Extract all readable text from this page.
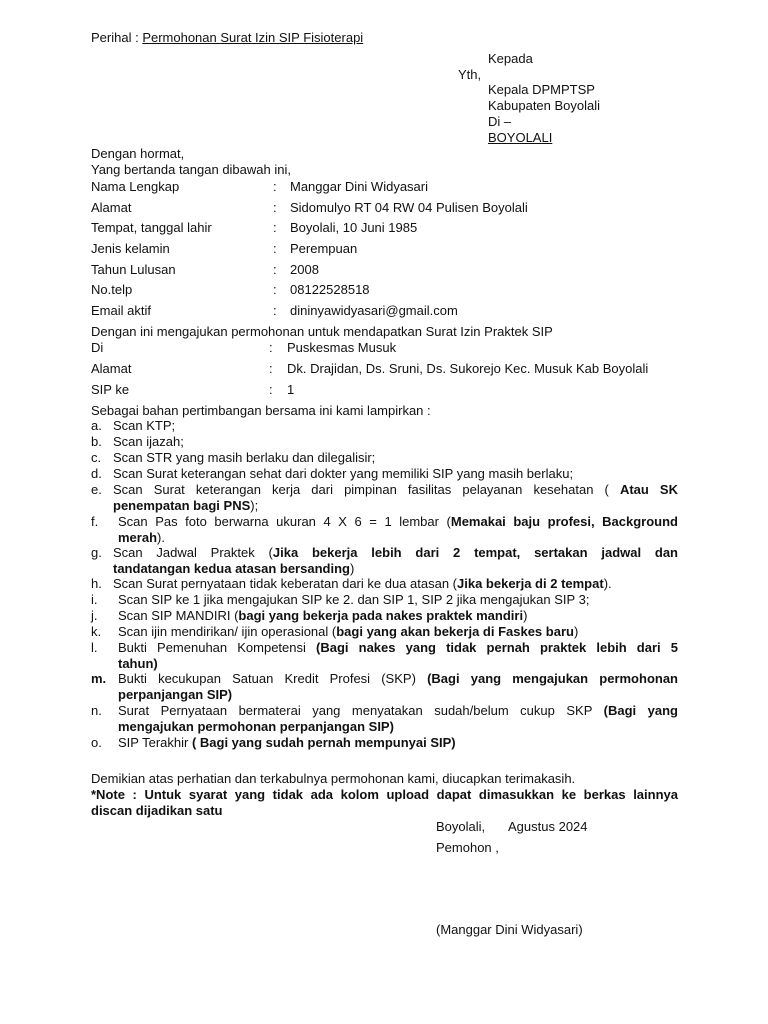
Perihal : Permohonan Surat Izin SIP Fisioterapi
Kepada
Yth,
Kepala DPMPTSP
Kabupaten Boyolali
Di –
BOYOLALI
Dengan hormat,
Yang bertanda tangan dibawah ini,
Nama Lengkap	: Manggar Dini Widyasari
Alamat	: Sidomulyo RT 04 RW 04 Pulisen Boyolali
Tempat, tanggal lahir	: Boyolali, 10 Juni 1985
Jenis kelamin	: Perempuan
Tahun Lulusan	: 2008
No.telp	: 08122528518
Email aktif	: dininyawidyasari@gmail.com
Dengan ini mengajukan permohonan untuk mendapatkan Surat Izin Praktek SIP
Di	: Puskesmas Musuk
Alamat	: Dk. Drajidan, Ds. Sruni, Ds. Sukorejo Kec. Musuk Kab Boyolali
SIP ke	: 1
Sebagai bahan pertimbangan bersama ini kami lampirkan :
a. Scan KTP;
b. Scan ijazah;
c. Scan STR yang masih berlaku dan dilegalisir;
d. Scan Surat keterangan sehat dari dokter yang memiliki SIP yang masih berlaku;
e. Scan Surat keterangan kerja dari pimpinan fasilitas pelayanan kesehatan ( Atau SK
penempatan bagi PNS);
f. Scan Pas foto berwarna ukuran 4 X 6 = 1 lembar (Memakai baju profesi, Background
merah).
g. Scan Jadwal Praktek (Jika bekerja lebih dari 2 tempat, sertakan jadwal dan
tandatangan kedua atasan bersanding)
h. Scan Surat pernyataan tidak keberatan dari ke dua atasan (Jika bekerja di 2 tempat).
i. Scan SIP ke 1 jika mengajukan SIP ke 2. dan SIP 1, SIP 2 jika mengajukan SIP 3;
j. Scan SIP MANDIRI (bagi yang bekerja pada nakes praktek mandiri)
k. Scan ijin mendirikan/ ijin operasional (bagi yang akan bekerja di Faskes baru)
l. Bukti Pemenuhan Kompetensi (Bagi nakes yang tidak pernah praktek lebih dari 5
tahun)
m. Bukti kecukupan Satuan Kredit Profesi (SKP) (Bagi yang mengajukan permohonan
perpanjangan SIP)
n. Surat Pernyataan bermaterai yang menyatakan sudah/belum cukup SKP (Bagi yang
mengajukan permohonan perpanjangan SIP)
o. SIP Terakhir ( Bagi yang sudah pernah mempunyai SIP)
Demikian atas perhatian dan terkabulnya permohonan kami, diucapkan terimakasih.
*Note : Untuk syarat yang tidak ada kolom upload dapat dimasukkan ke berkas lainnya
discan dijadikan satu
Boyolali, Agustus 2024
Pemohon ,
(Manggar Dini Widyasari)
